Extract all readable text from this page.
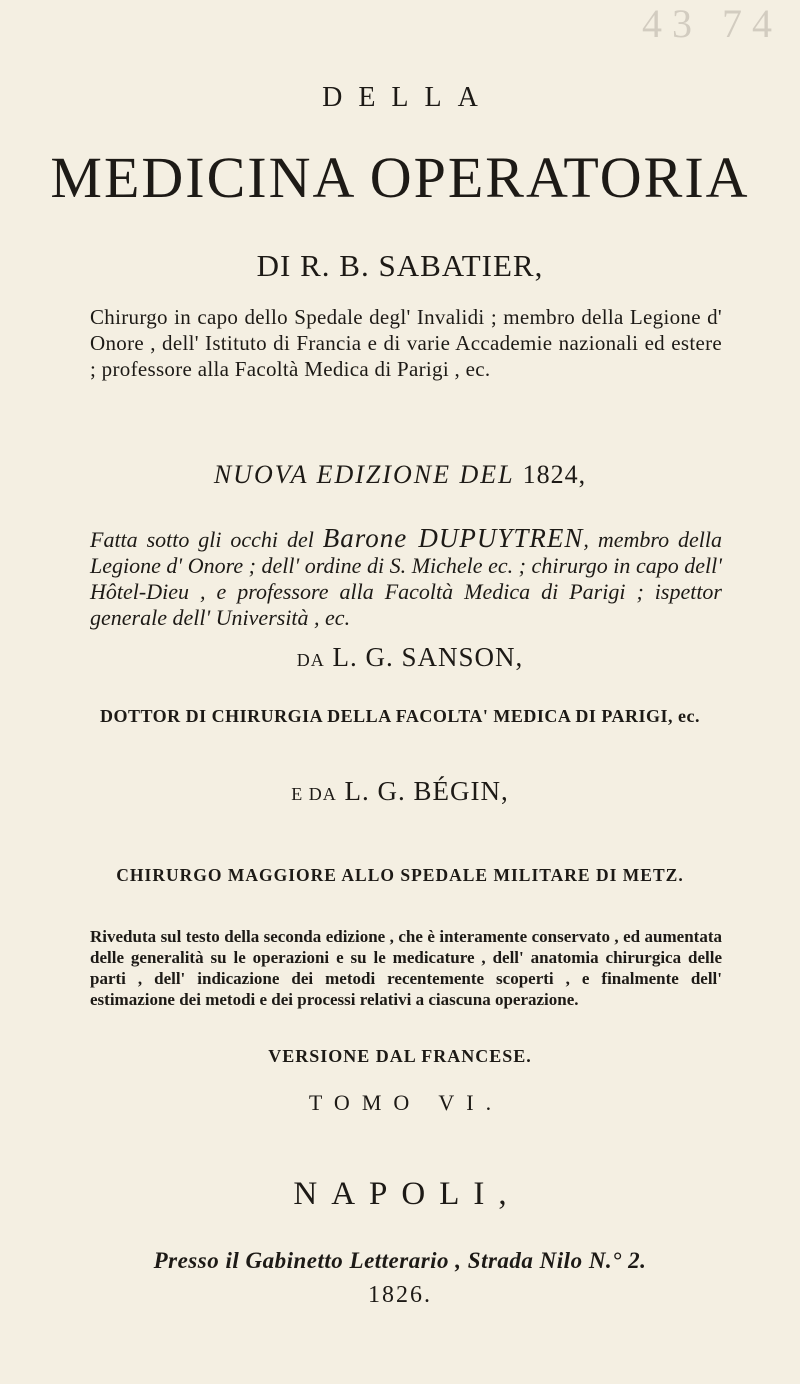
43 74
DELLA
MEDICINA OPERATORIA
DI R. B. SABATIER,
Chirurgo in capo dello Spedale degl' Invalidi ; membro della Legione d' Onore , dell' Istituto di Francia e di varie Accademie nazionali ed estere ; professore alla Facoltà Medica di Parigi , ec.
NUOVA EDIZIONE DEL 1824,
Fatta sotto gli occhi del Barone DUPUYTREN, membro della Legione d' Onore ; dell' ordine di S. Michele ec. ; chirurgo in capo dell' Hôtel-Dieu , e professore alla Facoltà Medica di Parigi ; ispettor generale dell' Università , ec.
DA L. G. SANSON,
DOTTOR DI CHIRURGIA DELLA FACOLTA' MEDICA DI PARIGI, ec.
E DA L. G. BÉGIN,
CHIRURGO MAGGIORE ALLO SPEDALE MILITARE DI METZ.
Riveduta sul testo della seconda edizione , che è interamente conservato , ed aumentata delle generalità su le operazioni e su le medicature , dell' anatomia chirurgica delle parti , dell' indicazione dei metodi recentemente scoperti , e finalmente dell' estimazione dei metodi e dei processi relativi a ciascuna operazione.
VERSIONE DAL FRANCESE.
TOMO VI.
NAPOLI,
Presso il Gabinetto Letterario , Strada Nilo N.° 2.
1826.
